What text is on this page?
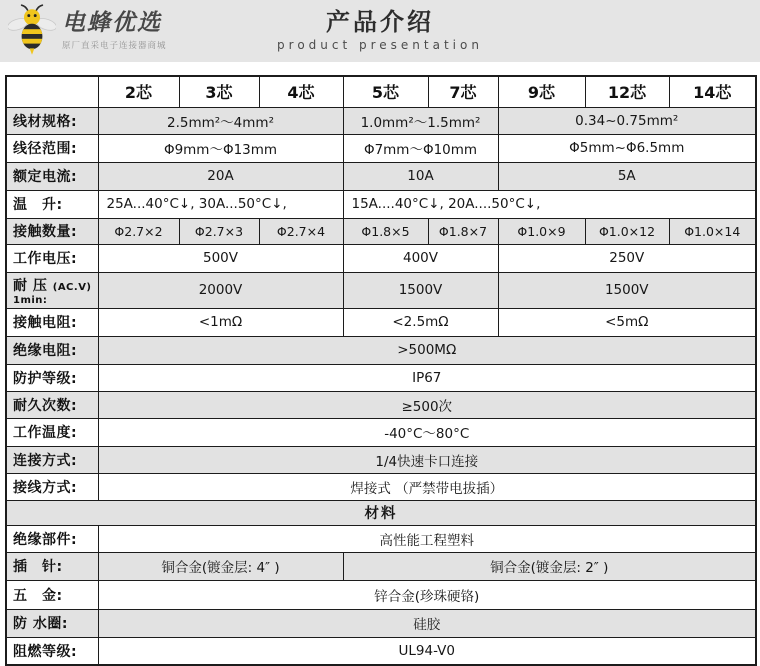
电蜂优选
原厂直采电子连接器商城
产品介绍
product presentation
	2芯	3芯	4芯	5芯	7芯	9芯	12芯	14芯
线材规格:	2.5mm²～4mm²			1.0mm²～1.5mm²		0.34~0.75mm²		
线径范围:	Φ9mm～Φ13mm			Φ7mm～Φ10mm		Φ5mm~Φ6.5mm		
额定电流:	20A			10A		5A		
温　升:	25A...40°C↓, 30A...50°C↓,			15A....40°C↓, 20A....50°C↓,				
接触数量:	Φ2.7×2	Φ2.7×3	Φ2.7×4	Φ1.8×5	Φ1.8×7	Φ1.0×9	Φ1.0×12	Φ1.0×14
工作电压:	500V			400V		250V		

耐 压 (AC.V)
1min:	2000V			1500V		1500V		
接触电阻:	<1mΩ			<2.5mΩ		<5mΩ		
绝缘电阻:	>500MΩ							
防护等级:	IP67							
耐久次数:	≥500次							
工作温度:	-40°C～80°C							
连接方式:	1/4快速卡口连接							
接线方式:	焊接式 （严禁带电拔插）							
材料								
绝缘部件:	高性能工程塑料							
插　针:	铜合金(镀金层: 4″ )			铜合金(镀金层: 2″ )				
五　金:	锌合金(珍珠硬铬)							
防 水圈:	硅胶							
阻燃等级:	UL94-V0							
